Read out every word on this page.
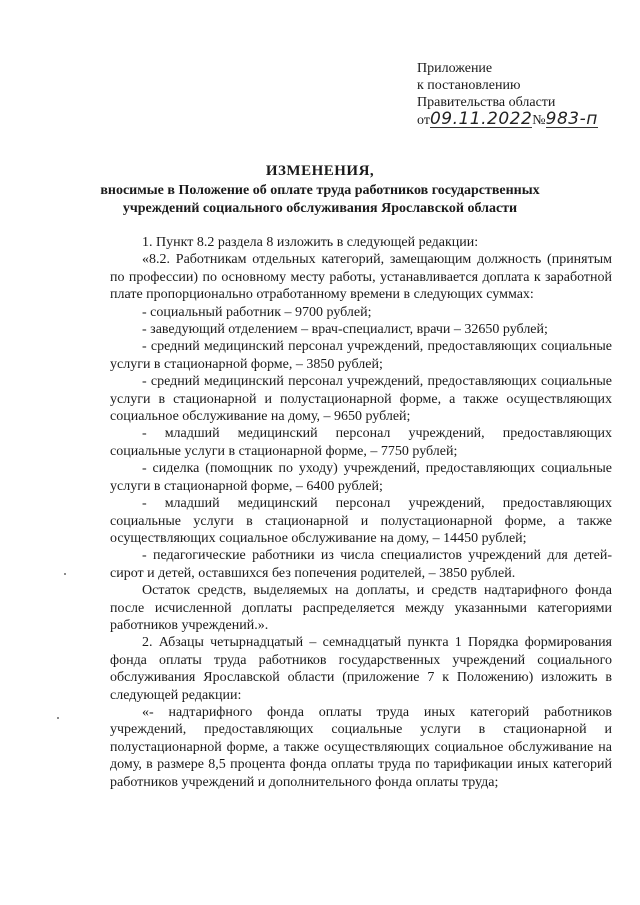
Приложение
к постановлению
Правительства области
от09.11.2022№983-п
ИЗМЕНЕНИЯ,
вносимые в Положение об оплате труда работников государственных учреждений социального обслуживания Ярославской области

1. Пункт 8.2 раздела 8 изложить в следующей редакции:

«8.2. Работникам отдельных категорий, замещающим должность (принятым по профессии) по основному месту работы, устанавливается доплата к заработной плате пропорционально отработанному времени в следующих суммах:

- социальный работник – 9700 рублей;

- заведующий отделением – врач-специалист, врачи – 32650 рублей;

- средний медицинский персонал учреждений, предоставляющих социальные услуги в стационарной форме, – 3850 рублей;

- средний медицинский персонал учреждений, предоставляющих социальные услуги в стационарной и полустационарной форме, а также осуществляющих социальное обслуживание на дому, – 9650 рублей;

- младший медицинский персонал учреждений, предоставляющих социальные услуги в стационарной форме, – 7750 рублей;

- сиделка (помощник по уходу) учреждений, предоставляющих социальные услуги в стационарной форме, – 6400 рублей;

- младший медицинский персонал учреждений, предоставляющих социальные услуги в стационарной и полустационарной форме, а также осуществляющих социальное обслуживание на дому, – 14450 рублей;

- педагогические работники из числа специалистов учреждений для детей-сирот и детей, оставшихся без попечения родителей, – 3850 рублей.

Остаток средств, выделяемых на доплаты, и средств надтарифного фонда после исчисленной доплаты распределяется между указанными категориями работников учреждений.».

2. Абзацы четырнадцатый – семнадцатый пункта 1 Порядка формирования фонда оплаты труда работников государственных учреждений социального обслуживания Ярославской области (приложение 7 к Положению) изложить в следующей редакции:

«- надтарифного фонда оплаты труда иных категорий работников учреждений, предоставляющих социальные услуги в стационарной и полустационарной форме, а также осуществляющих социальное обслуживание на дому, в размере 8,5 процента фонда оплаты труда по тарификации иных категорий работников учреждений и дополнительного фонда оплаты труда;
